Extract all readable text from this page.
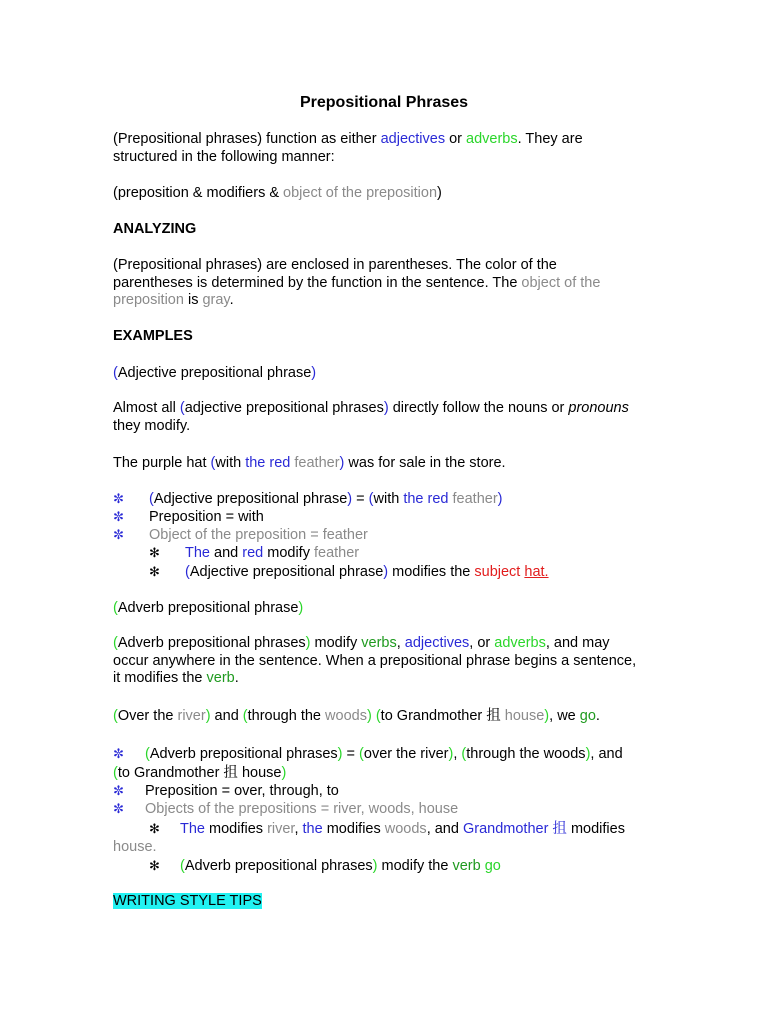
Prepositional Phrases
(Prepositional phrases) function as either adjectives or adverbs. They are
structured in the following manner:
(preposition & modifiers & object of the preposition)
ANALYZING
(Prepositional phrases) are enclosed in parentheses. The color of the
parentheses is determined by the function in the sentence. The object of the
preposition is gray.
EXAMPLES
(Adjective prepositional phrase)
Almost all (adjective prepositional phrases) directly follow the nouns or pronouns
they modify.
The purple hat (with the red feather) was for sale in the store.
✼ (Adjective prepositional phrase) = (with the red feather)
✼ Preposition = with
✼ Object of the preposition = feather
✻ The and red modify feather
✻ (Adjective prepositional phrase) modifies the subject hat.
(Adverb prepositional phrase)
(Adverb prepositional phrases) modify verbs, adjectives, or adverbs, and may
occur anywhere in the sentence. When a prepositional phrase begins a sentence,
it modifies the verb.
(Over the river) and (through the woods) (to Grandmother 抯 house), we go.
✼ (Adverb prepositional phrases) = (over the river), (through the woods), and
(to Grandmother 抯 house)
✼ Preposition = over, through, to
✼ Objects of the prepositions = river, woods, house
✻ The modifies river, the modifies woods, and Grandmother 抯 modifies
house.
✻ (Adverb prepositional phrases) modify the verb go
WRITING STYLE TIPS
